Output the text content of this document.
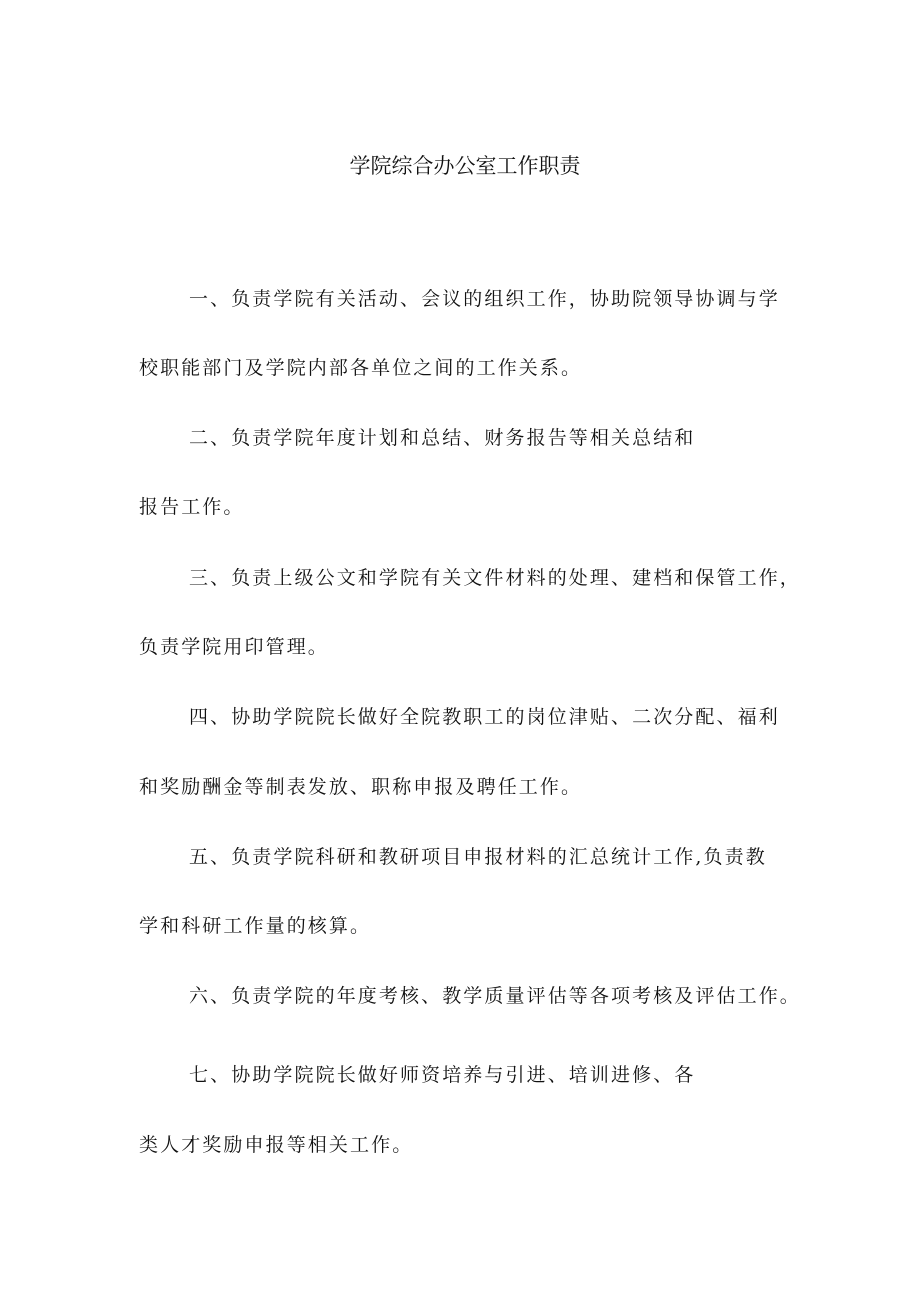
学院综合办公室工作职责
一、负责学院有关活动、会议的组织工作，协助院领导协调与学
校职能部门及学院内部各单位之间的工作关系。
二、负责学院年度计划和总结、财务报告等相关总结和
报告工作。
三、负责上级公文和学院有关文件材料的处理、建档和保管工作，
负责学院用印管理。
四、协助学院院长做好全院教职工的岗位津贴、二次分配、福利
和奖励酬金等制表发放、职称申报及聘任工作。
五、负责学院科研和教研项目申报材料的汇总统计工作,负责教
学和科研工作量的核算。
六、负责学院的年度考核、教学质量评估等各项考核及评估工作。
七、协助学院院长做好师资培养与引进、培训进修、各
类人才奖励申报等相关工作。
